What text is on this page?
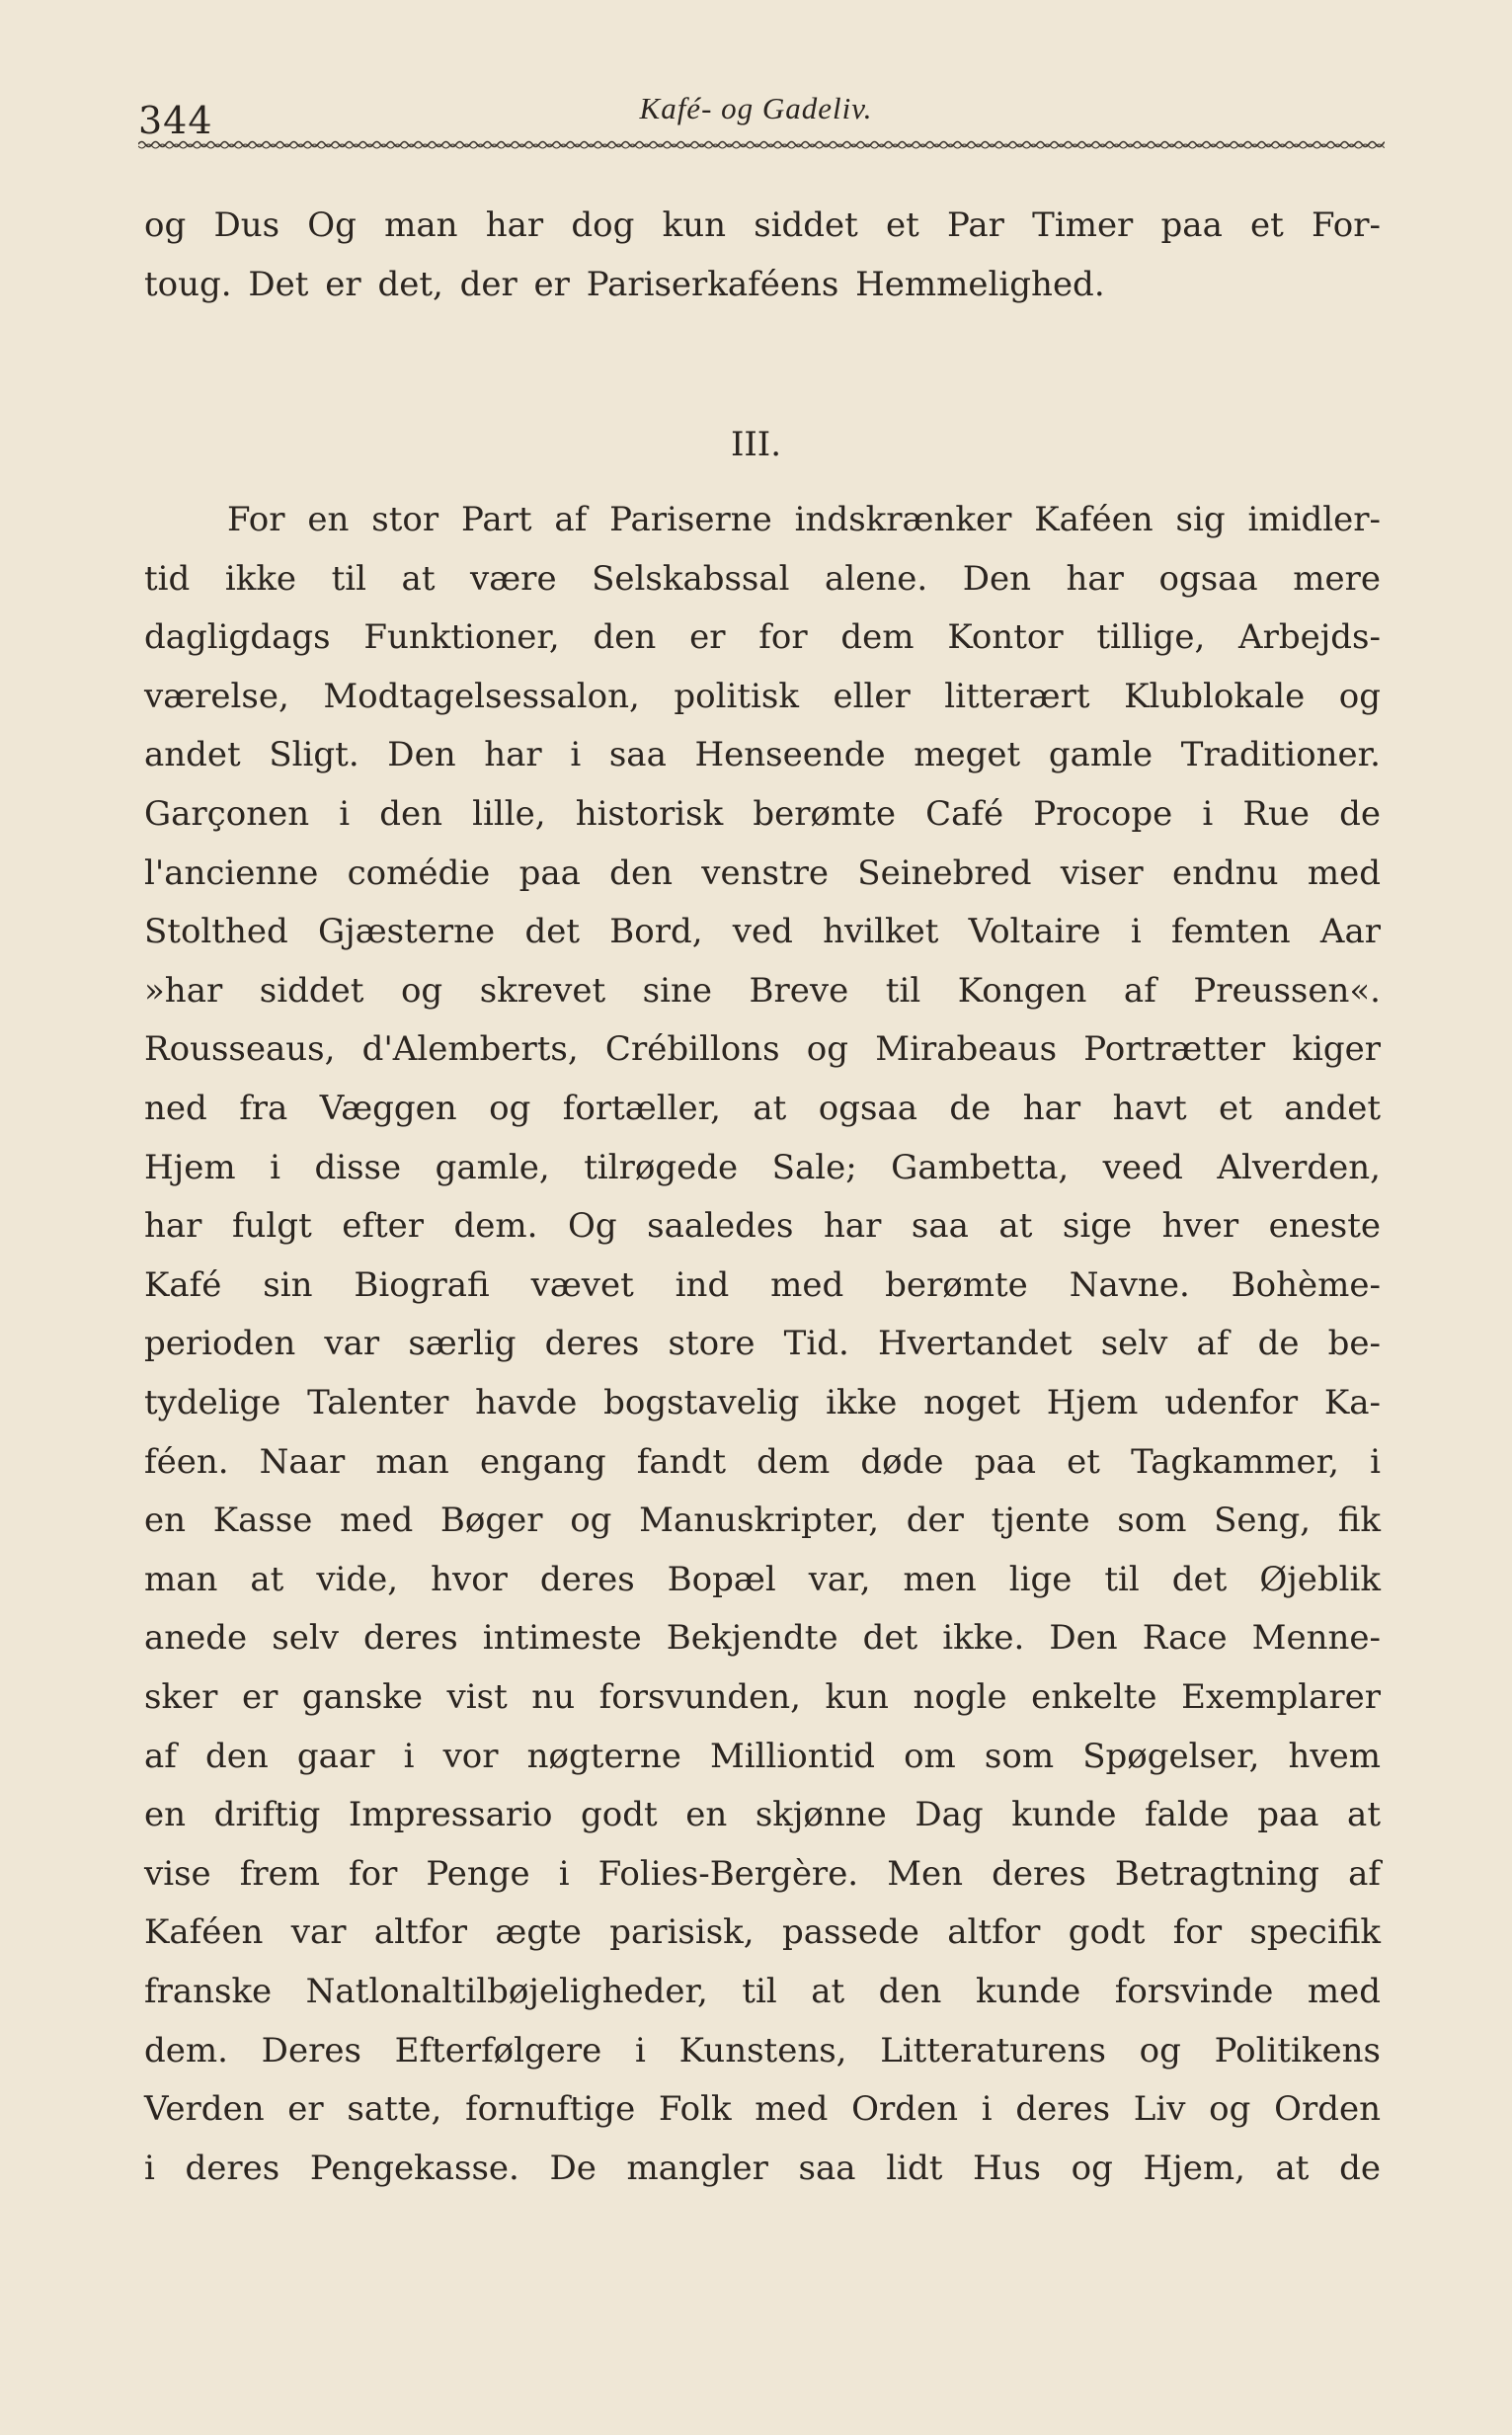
344	Kafé- og Gadeliv.
og Dus Og man har dog kun siddet et Par Timer paa et For-
toug. Det er det, der er Pariserkaféens Hemmelighed.
III.
For en stor Part af Pariserne indskrænker Kaféen sig imidler-
tid ikke til at være Selskabssal alene. Den har ogsaa mere
dagligdags Funktioner, den er for dem Kontor tillige, Arbejds-
værelse, Modtagelsessalon, politisk eller litterært Klublokale og
andet Sligt. Den har i saa Henseende meget gamle Traditioner.
Garçonen i den lille, historisk berømte Café Procope i Rue de
l'ancienne comédie paa den venstre Seinebred viser endnu med
Stolthed Gjæsterne det Bord, ved hvilket Voltaire i femten Aar
»har siddet og skrevet sine Breve til Kongen af Preussen«.
Rousseaus, d'Alemberts, Crébillons og Mirabeaus Portrætter kiger
ned fra Væggen og fortæller, at ogsaa de har havt et andet
Hjem i disse gamle, tilrøgede Sale; Gambetta, veed Alverden,
har fulgt efter dem. Og saaledes har saa at sige hver eneste
Kafé sin Biografi vævet ind med berømte Navne. Bohème-
perioden var særlig deres store Tid. Hvertandet selv af de be-
tydelige Talenter havde bogstavelig ikke noget Hjem udenfor Ka-
féen. Naar man engang fandt dem døde paa et Tagkammer, i
en Kasse med Bøger og Manuskripter, der tjente som Seng, fik
man at vide, hvor deres Bopæl var, men lige til det Øjeblik
anede selv deres intimeste Bekjendte det ikke. Den Race Menne-
sker er ganske vist nu forsvunden, kun nogle enkelte Exemplarer
af den gaar i vor nøgterne Milliontid om som Spøgelser, hvem
en driftig Impressario godt en skjønne Dag kunde falde paa at
vise frem for Penge i Folies-Bergère. Men deres Betragtning af
Kaféen var altfor ægte parisisk, passede altfor godt for specifik
franske Natlonaltilbøjeligheder, til at den kunde forsvinde med
dem. Deres Efterfølgere i Kunstens, Litteraturens og Politikens
Verden er satte, fornuftige Folk med Orden i deres Liv og Orden
i deres Pengekasse. De mangler saa lidt Hus og Hjem, at de
